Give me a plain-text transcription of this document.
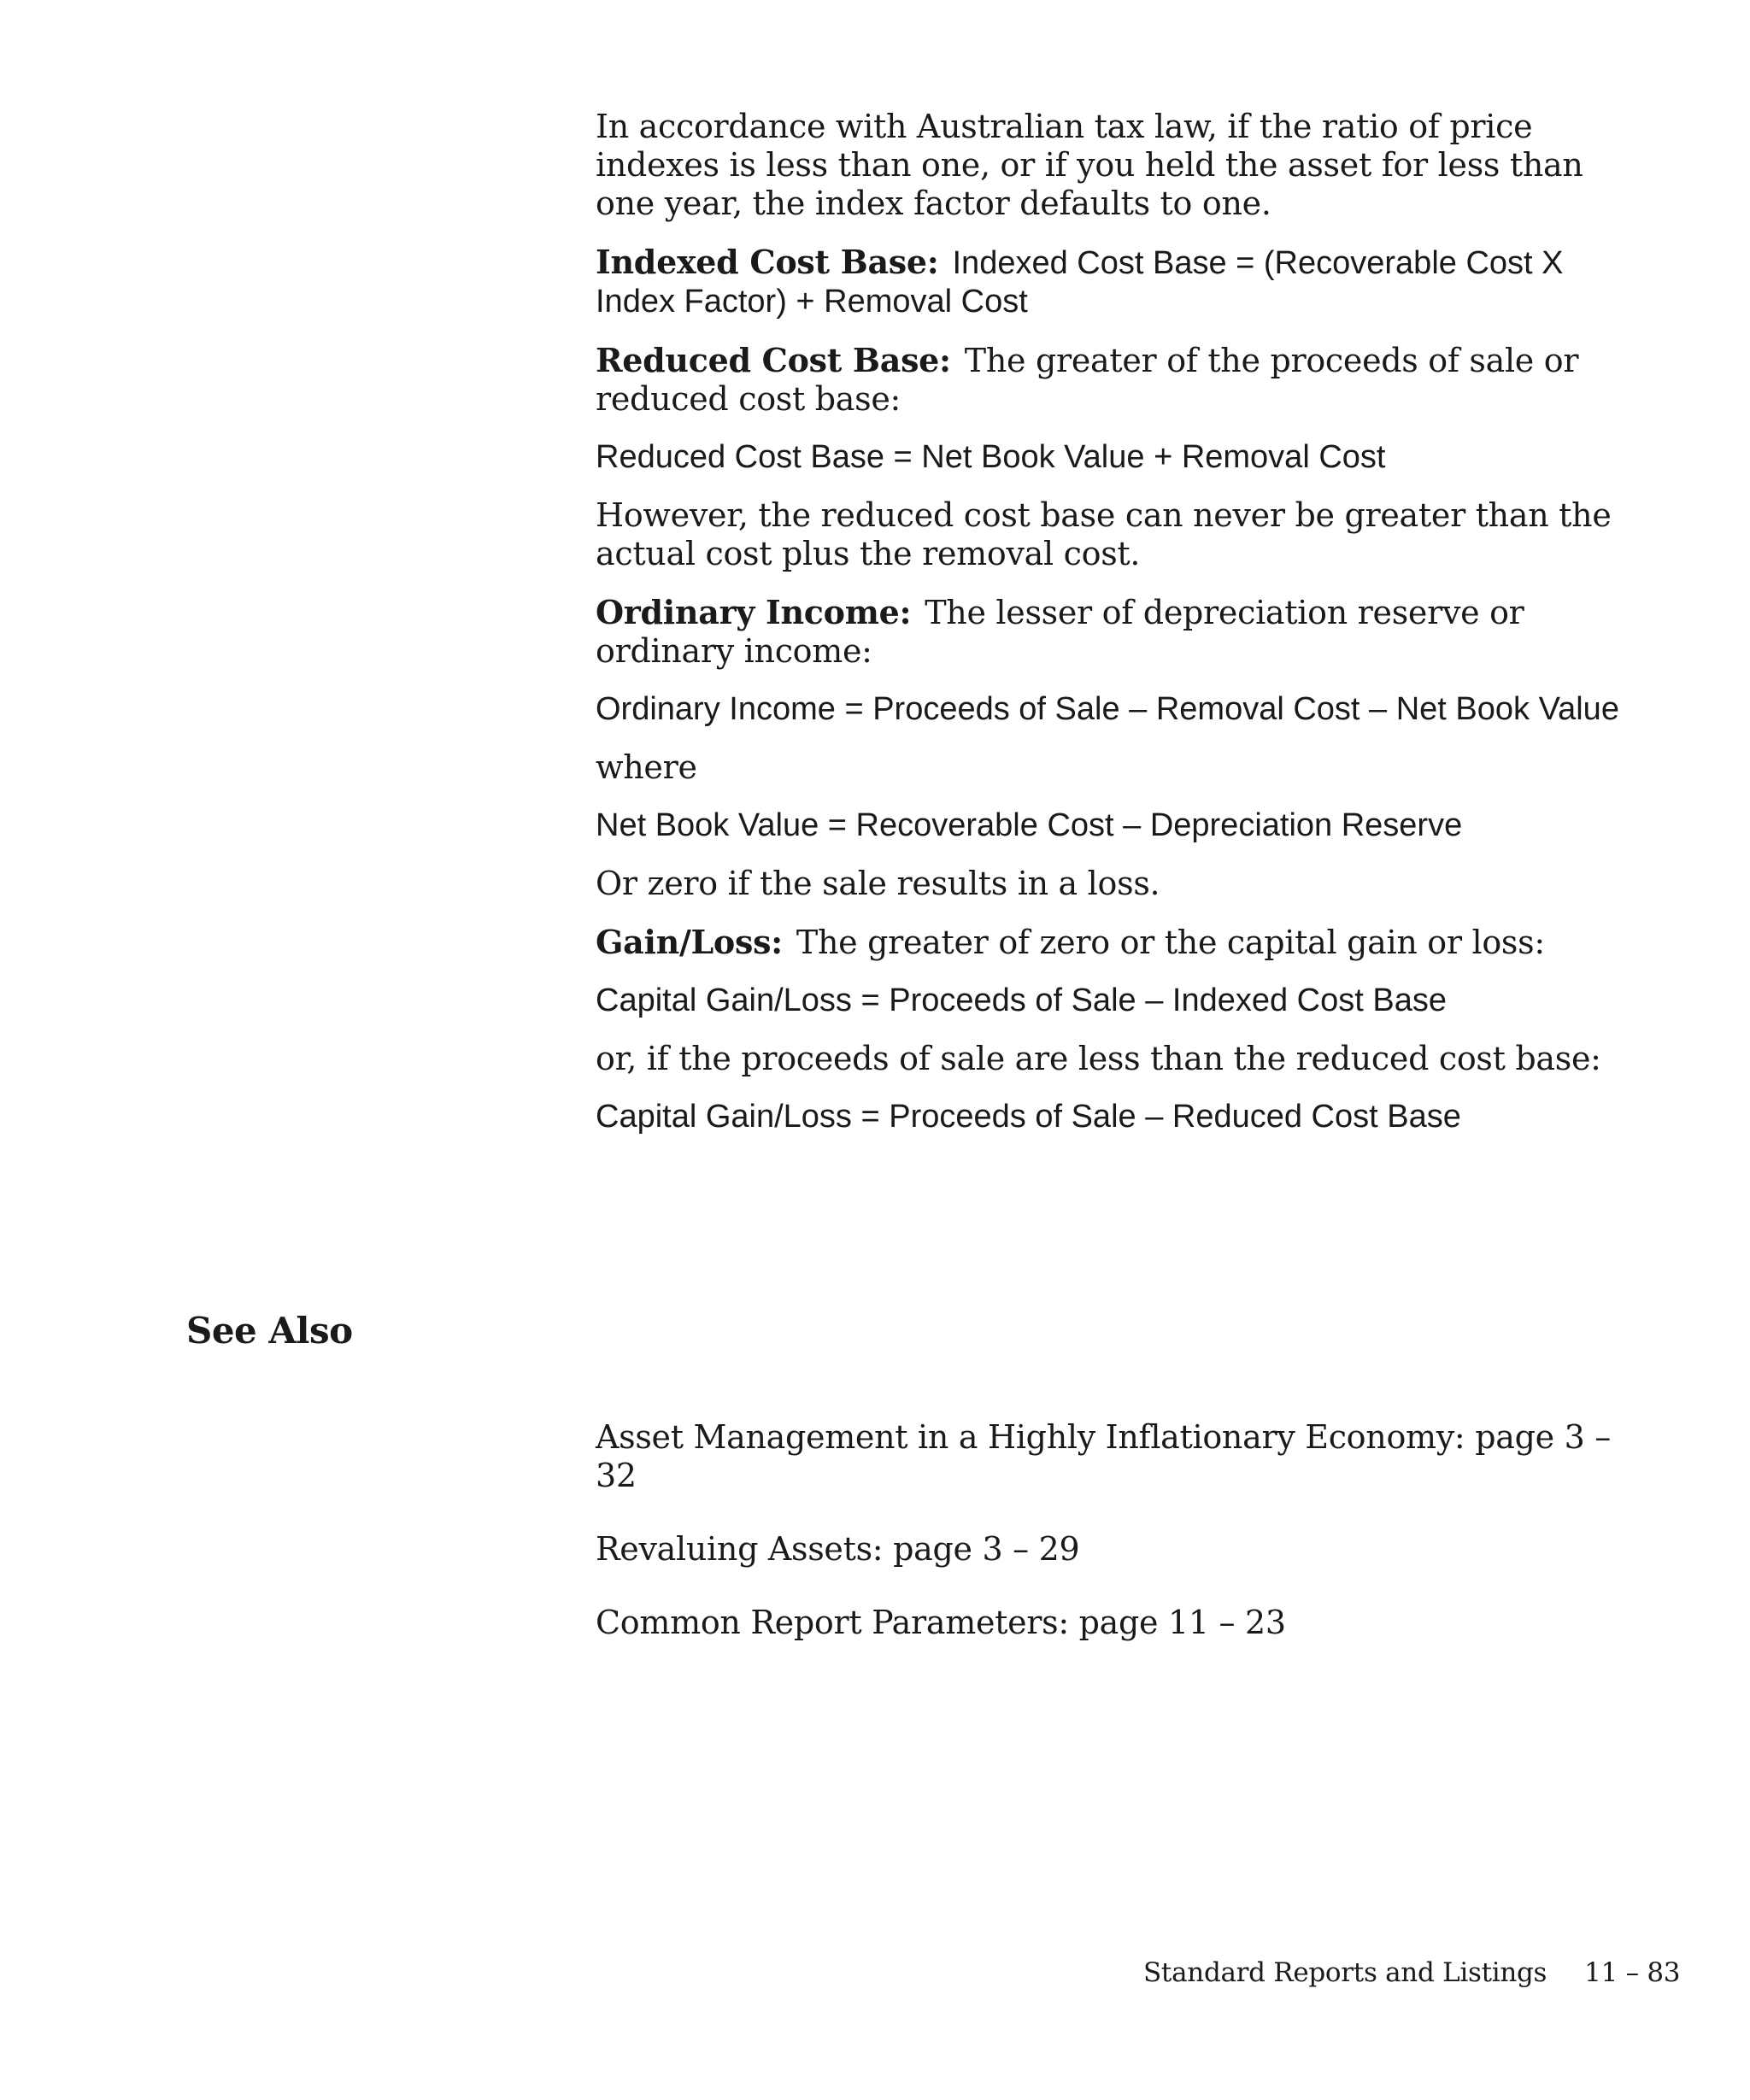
In accordance with Australian tax law, if the ratio of price indexes is less than one, or if you held the asset for less than one year, the index factor defaults to one.

Indexed Cost Base: Indexed Cost Base = (Recoverable Cost X Index Factor) + Removal Cost

Reduced Cost Base: The greater of the proceeds of sale or reduced cost base:

Reduced Cost Base = Net Book Value + Removal Cost

However, the reduced cost base can never be greater than the actual cost plus the removal cost.

Ordinary Income: The lesser of depreciation reserve or ordinary income:

Ordinary Income = Proceeds of Sale – Removal Cost – Net Book Value

where

Net Book Value = Recoverable Cost – Depreciation Reserve

Or zero if the sale results in a loss.

Gain/Loss: The greater of zero or the capital gain or loss:

Capital Gain/Loss = Proceeds of Sale – Indexed Cost Base

or, if the proceeds of sale are less than the reduced cost base:

Capital Gain/Loss = Proceeds of Sale – Reduced Cost Base

See Also
Asset Management in a Highly Inflationary Economy: page 3 – 32
Revaluing Assets: page 3 – 29
Common Report Parameters: page 11 – 23
Standard Reports and Listings 11 – 83
